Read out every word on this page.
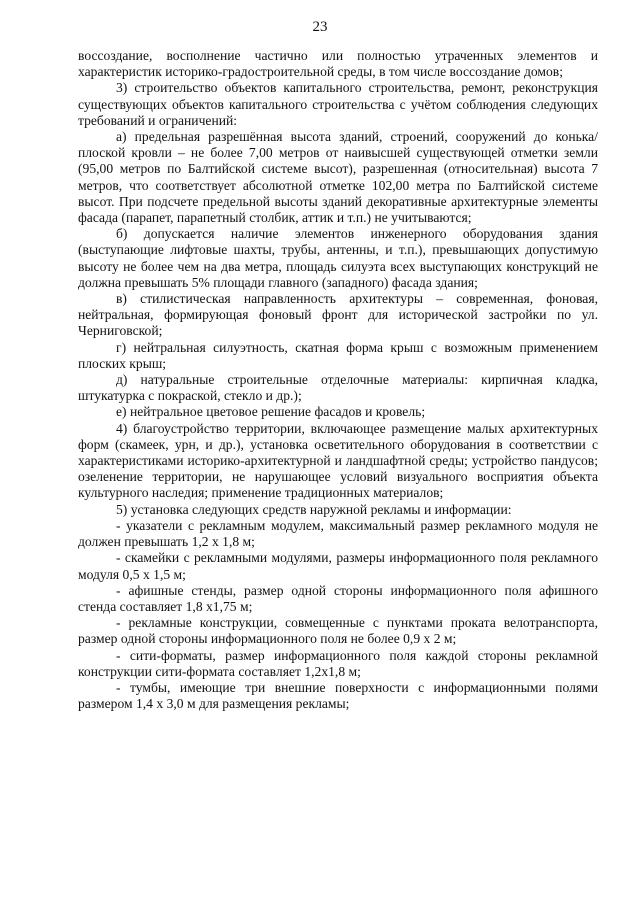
23

воссоздание, восполнение частично или полностью утраченных элементов и характеристик историко-градостроительной среды, в том числе воссоздание домов;

3) строительство объектов капитального строительства, ремонт, реконструкция существующих объектов капитального строительства с учётом соблюдения следующих требований и ограничений:

а) предельная разрешённая высота зданий, строений, сооружений до конька/плоской кровли – не более 7,00 метров от наивысшей существующей отметки земли (95,00 метров по Балтийской системе высот), разрешенная (относительная) высота 7 метров, что соответствует абсолютной отметке 102,00 метра по Балтийской системе высот. При подсчете предельной высоты зданий декоративные архитектурные элементы фасада (парапет, парапетный столбик, аттик и т.п.) не учитываются;

б) допускается наличие элементов инженерного оборудования здания (выступающие лифтовые шахты, трубы, антенны, и т.п.), превышающих допустимую высоту не более чем на два метра, площадь силуэта всех выступающих конструкций не должна превышать 5% площади главного (западного) фасада здания;

в) стилистическая направленность архитектуры – современная, фоновая, нейтральная, формирующая фоновый фронт для исторической застройки по ул. Черниговской;

г) нейтральная силуэтность, скатная форма крыш с возможным применением плоских крыш;

д) натуральные строительные отделочные материалы: кирпичная кладка, штукатурка с покраской, стекло и др.);

е) нейтральное цветовое решение фасадов и кровель;

4) благоустройство территории, включающее размещение малых архитектурных форм (скамеек, урн, и др.), установка осветительного оборудования в соответствии с характеристиками историко-архитектурной и ландшафтной среды; устройство пандусов; озеленение территории, не нарушающее условий визуального восприятия объекта культурного наследия; применение традиционных материалов;

5) установка следующих средств наружной рекламы и информации:

- указатели с рекламным модулем, максимальный размер рекламного модуля не должен превышать 1,2 х 1,8 м;

- скамейки с рекламными модулями, размеры информационного поля рекламного модуля 0,5 х 1,5 м;

- афишные стенды, размер одной стороны информационного поля афишного стенда составляет 1,8 х1,75 м;

- рекламные конструкции, совмещенные с пунктами проката велотранспорта, размер одной стороны информационного поля не более 0,9 х 2 м;

- сити-форматы, размер информационного поля каждой стороны рекламной конструкции сити-формата составляет 1,2х1,8 м;

- тумбы, имеющие три внешние поверхности с информационными полями размером 1,4 х 3,0 м для размещения рекламы;
